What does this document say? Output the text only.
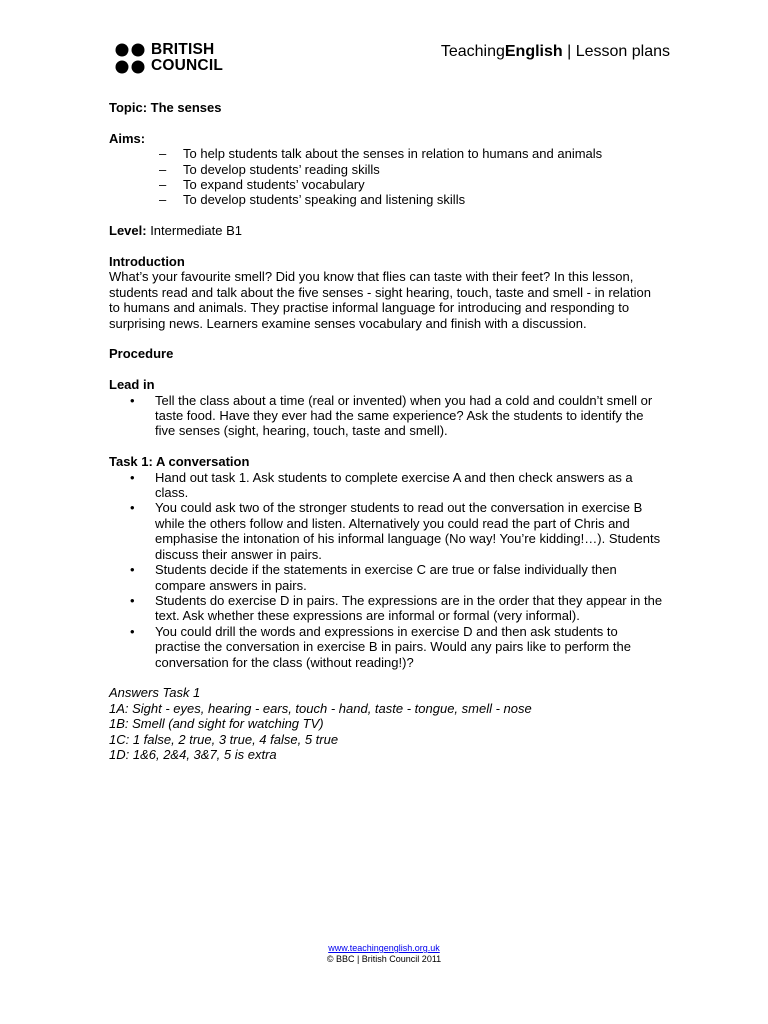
BRITISH
COUNCIL
TeachingEnglish | Lesson plans
Topic: The senses
Aims:
– To help students talk about the senses in relation to humans and animals
– To develop students’ reading skills
– To expand students’ vocabulary
– To develop students’ speaking and listening skills
Level: Intermediate B1
Introduction
What’s your favourite smell? Did you know that flies can taste with their feet? In this lesson, students read and talk about the five senses - sight hearing, touch, taste and smell - in relation to humans and animals. They practise informal language for introducing and responding to surprising news. Learners examine senses vocabulary and finish with a discussion.
Procedure
Lead in
• Tell the class about a time (real or invented) when you had a cold and couldn’t smell or taste food. Have they ever had the same experience? Ask the students to identify the five senses (sight, hearing, touch, taste and smell).
Task 1: A conversation
• Hand out task 1. Ask students to complete exercise A and then check answers as a class.
• You could ask two of the stronger students to read out the conversation in exercise B while the others follow and listen. Alternatively you could read the part of Chris and emphasise the intonation of his informal language (No way! You’re kidding!…). Students discuss their answer in pairs.
• Students decide if the statements in exercise C are true or false individually then compare answers in pairs.
• Students do exercise D in pairs. The expressions are in the order that they appear in the text. Ask whether these expressions are informal or formal (very informal).
• You could drill the words and expressions in exercise D and then ask students to practise the conversation in exercise B in pairs. Would any pairs like to perform the conversation for the class (without reading!)?
Answers Task 1
1A: Sight - eyes, hearing - ears, touch - hand, taste - tongue, smell - nose
1B: Smell (and sight for watching TV)
1C: 1 false, 2 true, 3 true, 4 false, 5 true
1D: 1&6, 2&4, 3&7, 5 is extra
www.teachingenglish.org.uk
© BBC | British Council 2011
